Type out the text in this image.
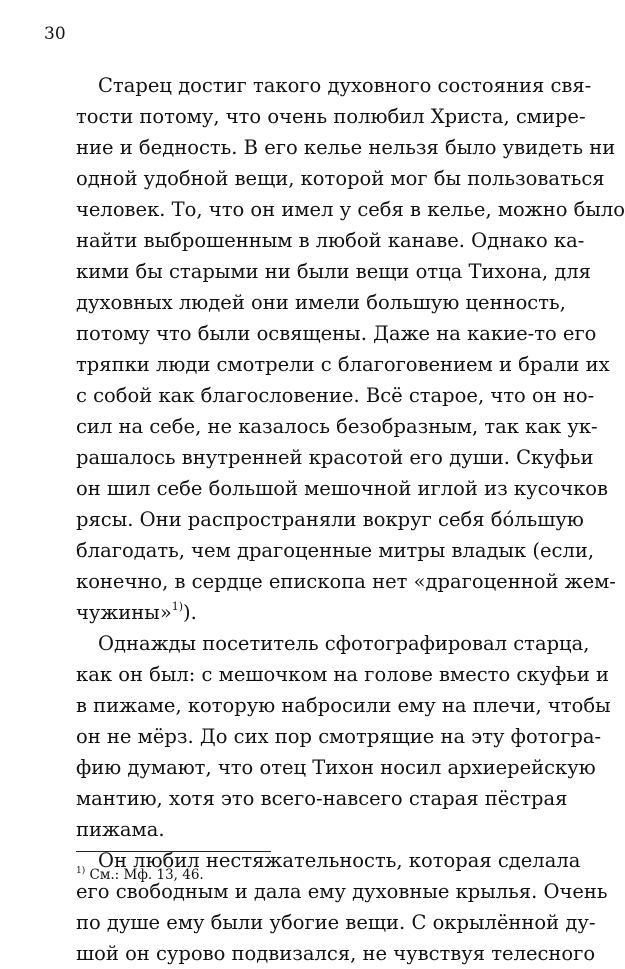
30
Старец достиг такого духовного состояния свя-
тости потому, что очень полюбил Христа, смире-
ние и бедность. В его келье нельзя было увидеть ни
одной удобной вещи, которой мог бы пользоваться
человек. То, что он имел у себя в келье, можно было
найти выброшенным в любой канаве. Однако ка-
кими бы старыми ни были вещи отца Тихона, для
духовных людей они имели большую ценность,
потому что были освящены. Даже на какие-то его
тряпки люди смотрели с благоговением и брали их
с собой как благословение. Всё старое, что он но-
сил на себе, не казалось безобразным, так как ук-
рашалось внутренней красотой его души. Скуфьи
он шил себе большой мешочной иглой из кусочков
рясы. Они распространяли вокруг себя бо́льшую
благодать, чем драгоценные митры владык (если,
конечно, в сердце епископа нет «драгоценной жем-
чужины»$^{1)}$).
Однажды посетитель сфотографировал старца,
как он был: с мешочком на голове вместо скуфьи и
в пижаме, которую набросили ему на плечи, чтобы
он не мёрз. До сих пор смотрящие на эту фотогра-
фию думают, что отец Тихон носил архиерейскую
мантию, хотя это всего-навсего старая пёстрая
пижама.
Он любил нестяжательность, которая сделала
его свободным и дала ему духовные крылья. Очень
по душе ему были убогие вещи. С окрылённой ду-
шой он сурово подвизался, не чувствуя телесного
$^{1)}$ См.: Мф. 13, 46.
